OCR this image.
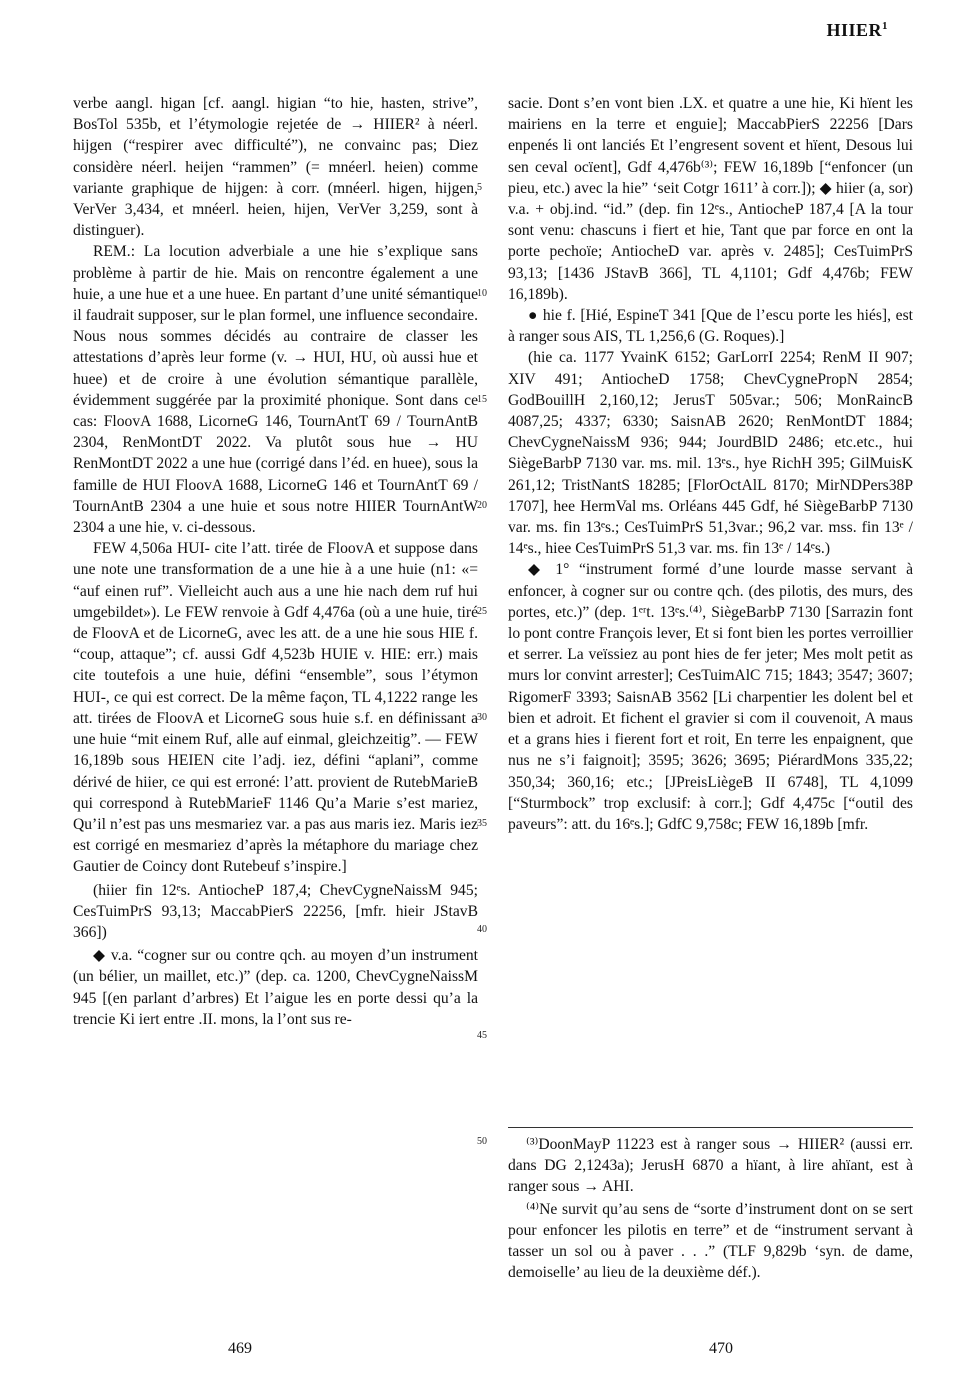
HIIER$^1$

verbe aangl. higan [cf. aangl. higian “to hie, hasten, strive”, BosTol 535b, et l’étymologie rejetée de → HIIER² à néerl. hijgen (“respirer avec difficulté”), ne convainc pas; Diez considère néerl. heijen “rammen” (= mnéerl. heien) comme variante graphique de hijgen: à corr. (mnéerl. higen, hijgen, VerVer 3,434, et mnéerl. heien, hijen, VerVer 3,259, sont à distinguer).

REM.: La locution adverbiale a une hie s’explique sans problème à partir de hie. Mais on rencontre également a une huie, a une hue et a une huee. En partant d’une unité sémantique il faudrait supposer, sur le plan formel, une influence secondaire. Nous nous sommes décidés au contraire de classer les attestations d’après leur forme (v. → HUI, HU, où aussi hue et huee) et de croire à une évolution sémantique parallèle, évidemment suggérée par la proximité phonique. Sont dans ce cas: FloovA 1688, LicorneG 146, TournAntT 69 / TournAntB 2304, RenMontDT 2022. Va plutôt sous hue → HU RenMontDT 2022 a une hue (corrigé dans l’éd. en huee), sous la famille de HUI FloovA 1688, LicorneG 146 et TournAntT 69 / TournAntB 2304 a une huie et sous notre HIIER TournAntW 2304 a une hie, v. ci-dessous.

FEW 4,506a HUI- cite l’att. tirée de FloovA et suppose dans une note une transformation de a une hie à a une huie (n1: «= “auf einen ruf”. Vielleicht auch aus a une hie nach dem ruf hui umgebildet»). Le FEW renvoie à Gdf 4,476a (où a une huie, tiré de FloovA et de LicorneG, avec les att. de a une hie sous HIE f. “coup, attaque”; cf. aussi Gdf 4,523b HUIE v. HIE: err.) mais cite toutefois a une huie, défini “ensemble”, sous l’étymon HUI-, ce qui est correct. De la même façon, TL 4,1222 range les att. tirées de FloovA et LicorneG sous huie s.f. en définissant a une huie “mit einem Ruf, alle auf einmal, gleichzeitig”. — FEW 16,189b sous HEIEN cite l’adj. iez, défini “aplani”, comme dérivé de hiier, ce qui est erroné: l’att. provient de RutebMarieB qui correspond à RutebMarieF 1146 Qu’a Marie s’est mariez, Qu’il n’est pas uns mesmariez var. a pas aus maris iez. Maris iez est corrigé en mesmariez d’après la métaphore du mariage chez Gautier de Coincy dont Rutebeuf s’inspire.]

(hiier fin 12ᵉs. AntiocheP 187,4; ChevCygneNaissM 945; CesTuimPrS 93,13; MaccabPierS 22256, [mfr. hieir JStavB 366])

◆ v.a. “cogner sur ou contre qch. au moyen d’un instrument (un bélier, un maillet, etc.)” (dep. ca. 1200, ChevCygneNaissM 945 [(en parlant d’arbres) Et l’aigue les en porte dessi qu’a la trencie Ki iert entre .II. mons, la l’ont sus re-

5
10
15
20
25
30
35
40
45
50

sacie. Dont s’en vont bien .LX. et quatre a une hie, Ki hïent les mairiens en la terre et enguie]; MaccabPierS 22256 [Dars enpenés li ont lanciés Et l’engresent sovent et hïent, Desous lui sen ceval ocïent], Gdf 4,476b⁽³⁾; FEW 16,189b [“enfoncer (un pieu, etc.) avec la hie” ‘seit Cotgr 1611’ à corr.]); ◆ hiier (a, sor) v.a. + obj.ind. “id.” (dep. fin 12ᵉs., AntiocheP 187,4 [A la tour sont venu: chascuns i fiert et hie, Tant que par force en ont la porte pechoïe; AntiocheD var. après v. 2485]; CesTuimPrS 93,13; [1436 JStavB 366], TL 4,1101; Gdf 4,476b; FEW 16,189b).

● hie f. [Hié, EspineT 341 [Que de l’escu porte les hiés], est à ranger sous AIS, TL 1,256,6 (G. Roques).]

(hie ca. 1177 YvainK 6152; GarLorrI 2254; RenM II 907; XIV 491; AntiocheD 1758; ChevCygnePropN 2854; GodBouillH 2,160,12; JerusT 505var.; 506; MonRaincB 4087,25; 4337; 6330; SaisnAB 2620; RenMontDT 1884; ChevCygneNaissM 936; 944; JourdBlD 2486; etc.etc., hui SiègeBarbP 7130 var. ms. mil. 13ᵉs., hye RichH 395; GilMuisK 261,12; TristNantS 18285; [FlorOctAlL 8170; MirNDPers38P 1707], hee HermVal ms. Orléans 445 Gdf, hé SiègeBarbP 7130 var. ms. fin 13ᵉs.; CesTuimPrS 51,3var.; 96,2 var. mss. fin 13ᵉ / 14ᵉs., hiee CesTuimPrS 51,3 var. ms. fin 13ᵉ / 14ᵉs.)

◆ 1° “instrument formé d’une lourde masse servant à enfoncer, à cogner sur ou contre qch. (des pilotis, des murs, des portes, etc.)” (dep. 1ᵉʳt. 13ᵉs.⁽⁴⁾, SiègeBarbP 7130 [Sarrazin font lo pont contre François lever, Et si font bien les portes verroillier et serrer. La veïssiez au pont hies de fer jeter; Mes molt petit as murs lor convint arrester]; CesTuimAlC 715; 1843; 3547; 3607; RigomerF 3393; SaisnAB 3562 [Li charpentier les dolent bel et bien et adroit. Et fichent el gravier si com il couvenoit, A maus et a grans hies i fierent fort et roit, En terre les enpaignent, que nus ne s’i faignoit]; 3595; 3626; 3695; PiérardMons 335,22; 350,34; 360,16; etc.; [JPreisLiègeB II 6748], TL 4,1099 [“Sturmbock” trop exclusif: à corr.]; Gdf 4,475c [“outil des paveurs”: att. du 16ᵉs.]; GdfC 9,758c; FEW 16,189b [mfr.

⁽³⁾DoonMayP 11223 est à ranger sous → HIIER² (aussi err. dans DG 2,1243a); JerusH 6870 a hïant, à lire ahïant, est à ranger sous → AHI.

⁽⁴⁾Ne survit qu’au sens de “sorte d’instrument dont on se sert pour enfoncer les pilotis en terre” et de “instrument servant à tasser un sol ou à paver . . .” (TLF 9,829b ‘syn. de dame, demoiselle’ au lieu de la deuxième déf.).

469	470
